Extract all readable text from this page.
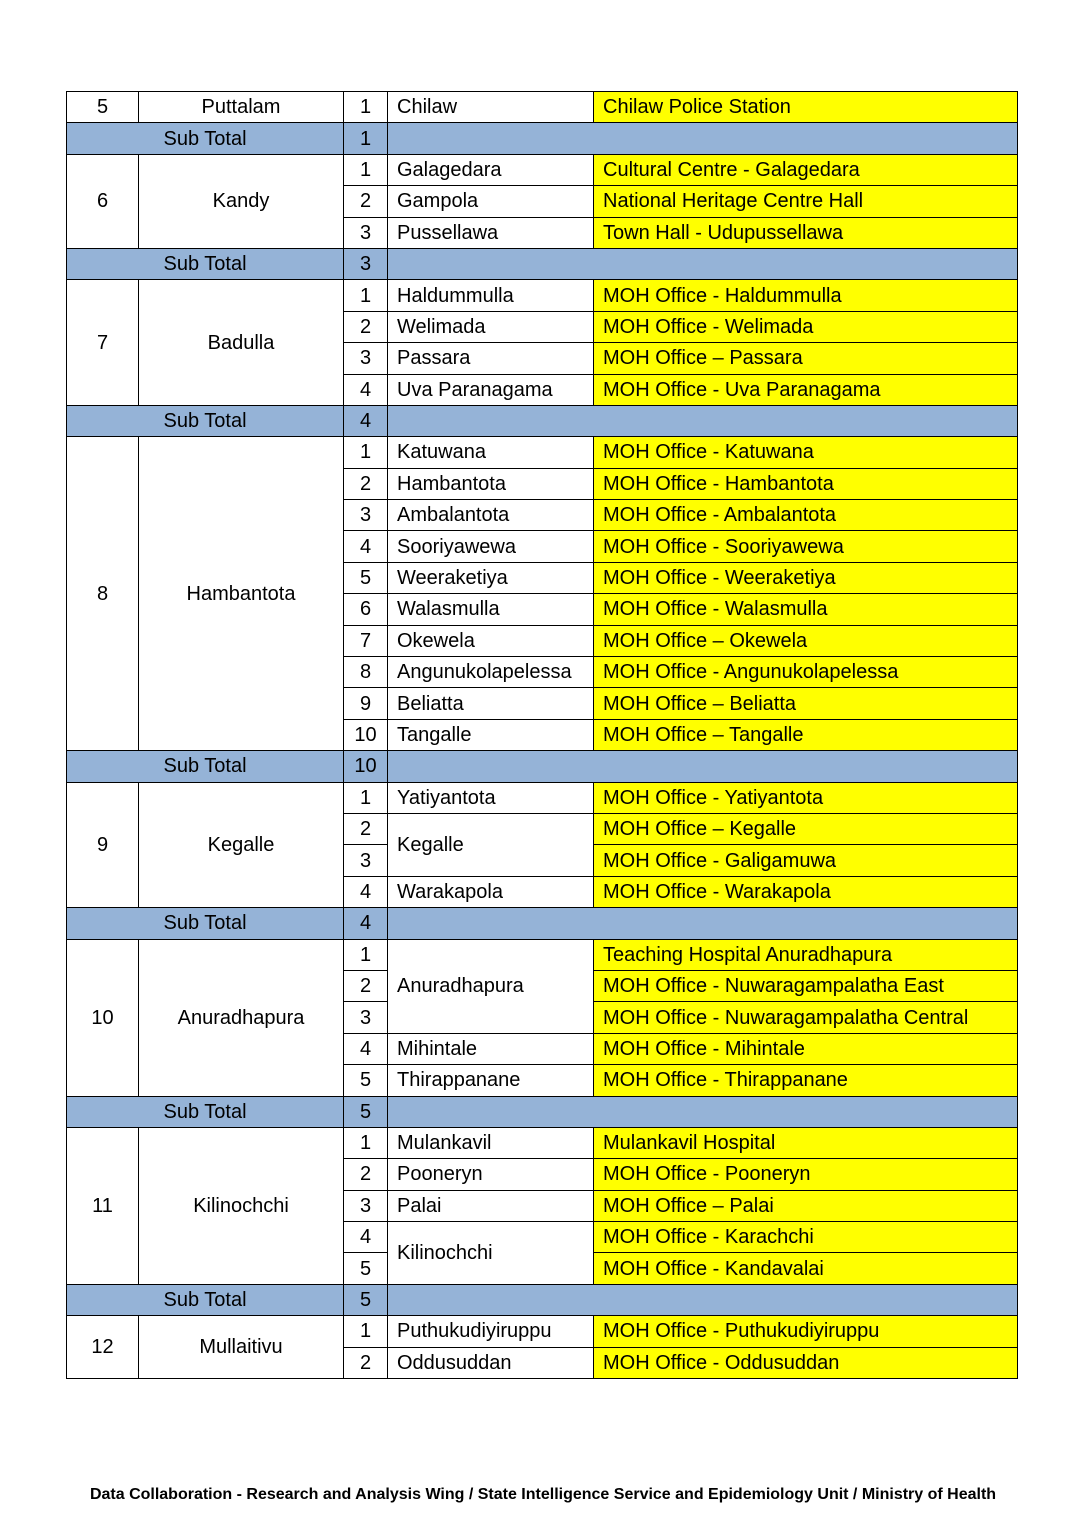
5	Puttalam	1	Chilaw	Chilaw Police Station
Sub Total		1		
6	Kandy	1	Galagedara	Cultural Centre - Galagedara
		2	Gampola	National Heritage Centre Hall
		3	Pussellawa	Town Hall - Udupussellawa
Sub Total		3		
7	Badulla	1	Haldummulla	MOH Office - Haldummulla
		2	Welimada	MOH Office - Welimada
		3	Passara	MOH Office – Passara
		4	Uva Paranagama	MOH Office - Uva Paranagama
Sub Total		4		
8	Hambantota	1	Katuwana	MOH Office - Katuwana
		2	Hambantota	MOH Office - Hambantota
		3	Ambalantota	MOH Office - Ambalantota
		4	Sooriyawewa	MOH Office - Sooriyawewa
		5	Weeraketiya	MOH Office - Weeraketiya
		6	Walasmulla	MOH Office - Walasmulla
		7	Okewela	MOH Office – Okewela
		8	Angunukolapelessa	MOH Office - Angunukolapelessa
		9	Beliatta	MOH Office – Beliatta
		10	Tangalle	MOH Office – Tangalle
Sub Total		10		
9	Kegalle	1	Yatiyantota	MOH Office - Yatiyantota
		2	Kegalle	MOH Office – Kegalle
		3		MOH Office - Galigamuwa
		4	Warakapola	MOH Office - Warakapola
Sub Total		4		
10	Anuradhapura	1	Anuradhapura	Teaching Hospital Anuradhapura
		2		MOH Office - Nuwaragampalatha East
		3		MOH Office - Nuwaragampalatha Central
		4	Mihintale	MOH Office - Mihintale
		5	Thirappanane	MOH Office - Thirappanane
Sub Total		5		
11	Kilinochchi	1	Mulankavil	Mulankavil Hospital
		2	Pooneryn	MOH Office - Pooneryn
		3	Palai	MOH Office – Palai
		4	Kilinochchi	MOH Office - Karachchi
		5		MOH Office - Kandavalai
Sub Total		5		
12	Mullaitivu	1	Puthukudiyiruppu	MOH Office - Puthukudiyiruppu
		2	Oddusuddan	MOH Office - Oddusuddan
Data Collaboration - Research and Analysis Wing / State Intelligence Service and Epidemiology Unit / Ministry of Health
